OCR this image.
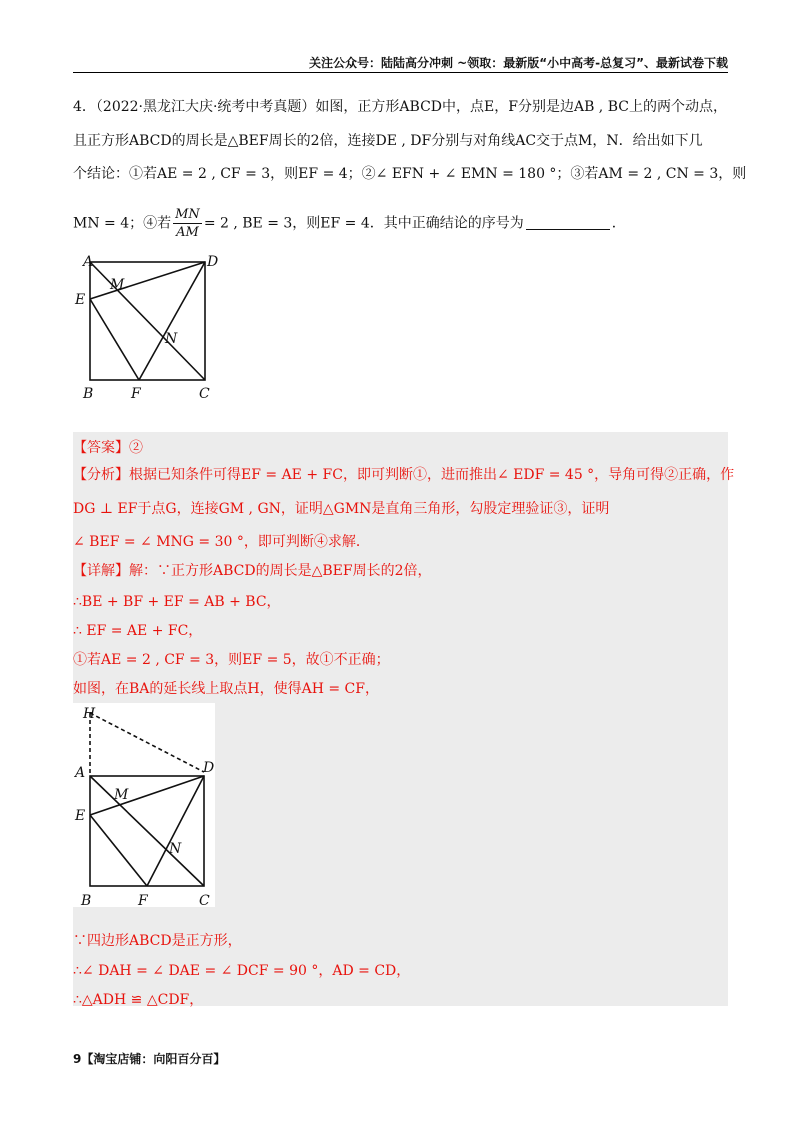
关注公众号：陆陆高分冲刺 ~领取：最新版“小中高考-总复习”、最新试卷下载
4．（2022·黑龙江大庆·统考中考真题）如图，正方形ABCD中，点E，F分别是边AB , BC上的两个动点，
且正方形ABCD的周长是△BEF周长的2倍，连接DE , DF分别与对角线AC交于点M，N．给出如下几
个结论：①若AE = 2 , CF = 3，则EF = 4；②∠ EFN + ∠ EMN = 180 °；③若AM = 2 , CN = 3，则
MN = 4；④若 $\frac{MN}{AM} = 2$ , BE = 3，则EF = 4．其中正确结论的序号为	．
A	D
E
M
N
B	F	C
【答案】②
【分析】根据已知条件可得EF = AE + FC，即可判断①，进而推出∠ EDF = 45 °，导角可得②正确，作
DG ⊥ EF于点G，连接GM , GN，证明△GMN是直角三角形，勾股定理验证③，证明
∠ BEF = ∠ MNG = 30 °，即可判断④求解．
【详解】解：∵正方形ABCD的周长是△BEF周长的2倍，
∴BE + BF + EF = AB + BC，
∴ EF = AE + FC，
①若AE = 2 , CF = 3，则EF = 5，故①不正确；
如图，在BA的延长线上取点H，使得AH = CF，
H
A	D
E
M
N
B	F	C
∵四边形ABCD是正方形，
∴∠ DAH = ∠ DAE = ∠ DCF = 90 °，AD = CD，
∴△ADH ≌ △CDF，
9【淘宝店铺：向阳百分百】
